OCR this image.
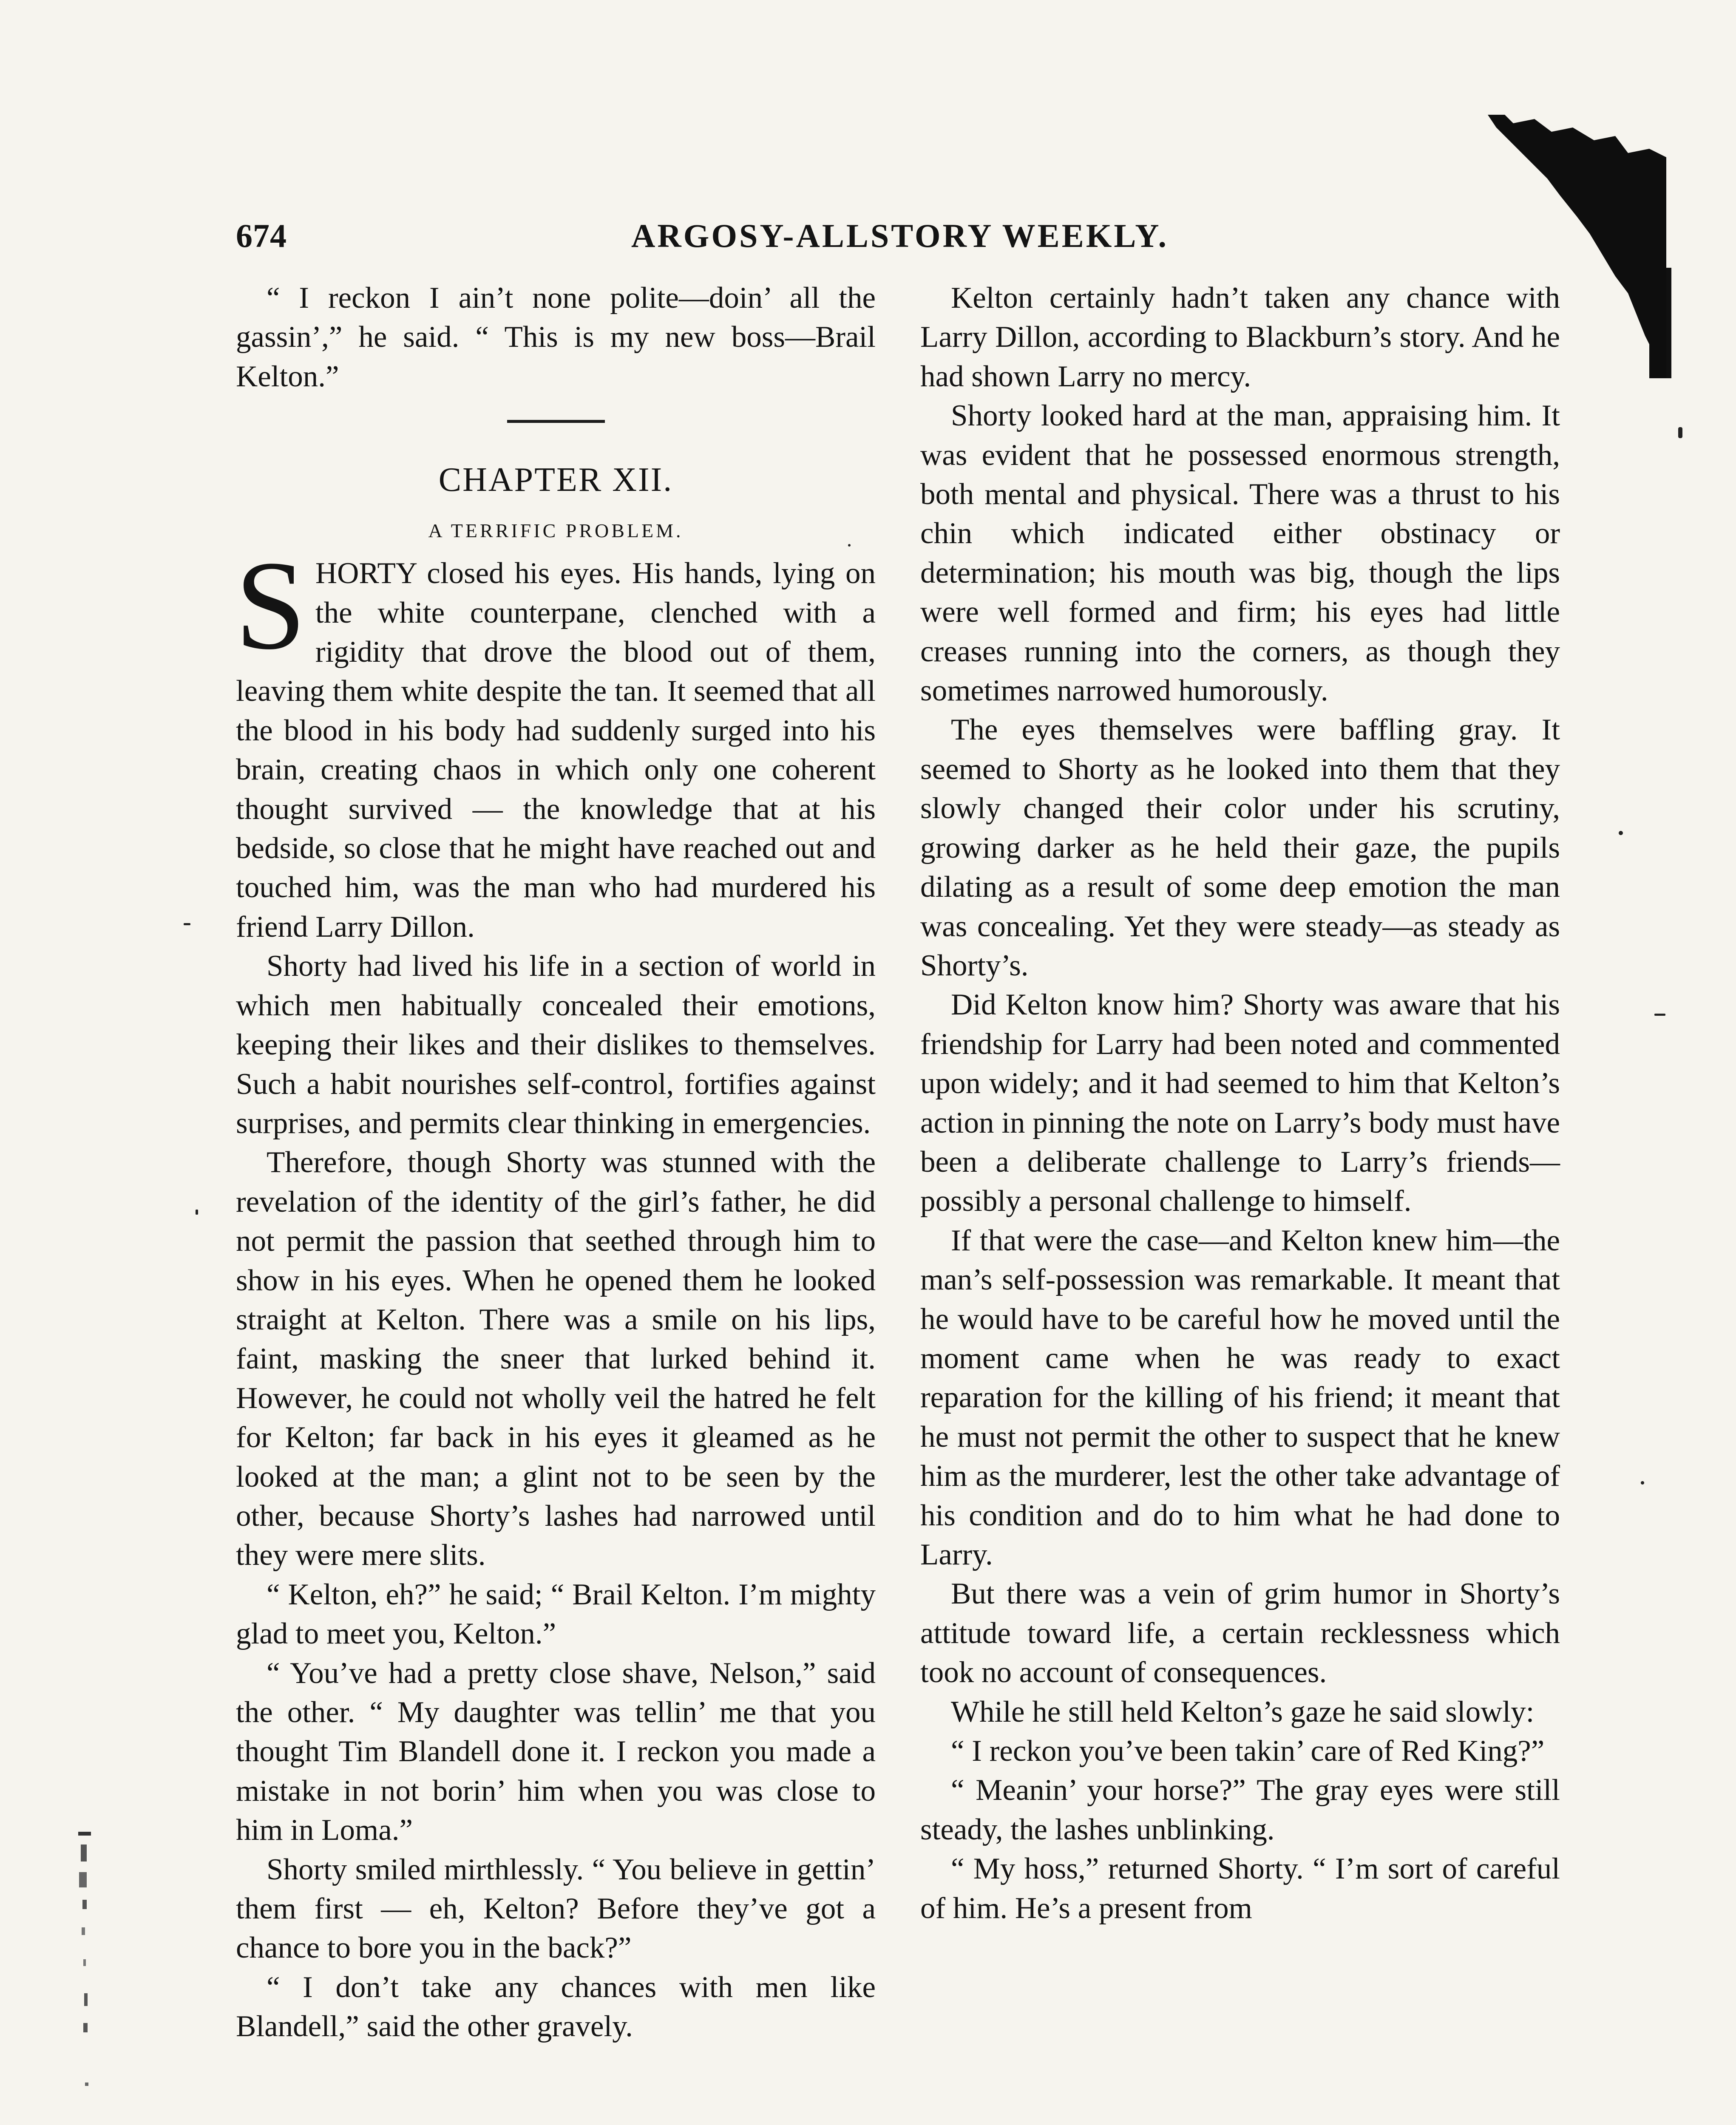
674	ARGOSY-ALLSTORY WEEKLY.

“ I reckon I ain’t none polite—doin’ all the gassin’,” he said. “ This is my new boss—Brail Kelton.”

CHAPTER XII.
A TERRIFIC PROBLEM.

SHORTY closed his eyes. His hands, lying on the white counterpane, clenched with a rigidity that drove the blood out of them, leaving them white despite the tan. It seemed that all the blood in his body had suddenly surged into his brain, creating chaos in which only one coherent thought survived — the knowledge that at his bedside, so close that he might have reached out and touched him, was the man who had murdered his friend Larry Dillon.

Shorty had lived his life in a section of world in which men habitually concealed their emotions, keeping their likes and their dislikes to themselves. Such a habit nourishes self-control, fortifies against surprises, and permits clear thinking in emergencies.

Therefore, though Shorty was stunned with the revelation of the identity of the girl’s father, he did not permit the passion that seethed through him to show in his eyes. When he opened them he looked straight at Kelton. There was a smile on his lips, faint, masking the sneer that lurked behind it. However, he could not wholly veil the hatred he felt for Kelton; far back in his eyes it gleamed as he looked at the man; a glint not to be seen by the other, because Shorty’s lashes had narrowed until they were mere slits.

“ Kelton, eh?” he said; “ Brail Kelton. I’m mighty glad to meet you, Kelton.”

“ You’ve had a pretty close shave, Nelson,” said the other. “ My daughter was tellin’ me that you thought Tim Blandell done it. I reckon you made a mistake in not borin’ him when you was close to him in Loma.”

Shorty smiled mirthlessly. “ You believe in gettin’ them first — eh, Kelton? Before they’ve got a chance to bore you in the back?”

“ I don’t take any chances with men like Blandell,” said the other gravely.

Kelton certainly hadn’t taken any chance with Larry Dillon, according to Blackburn’s story. And he had shown Larry no mercy.

Shorty looked hard at the man, appraising him. It was evident that he possessed enormous strength, both mental and physical. There was a thrust to his chin which indicated either obstinacy or determination; his mouth was big, though the lips were well formed and firm; his eyes had little creases running into the corners, as though they sometimes narrowed humorously.

The eyes themselves were baffling gray. It seemed to Shorty as he looked into them that they slowly changed their color under his scrutiny, growing darker as he held their gaze, the pupils dilating as a result of some deep emotion the man was concealing. Yet they were steady—as steady as Shorty’s.

Did Kelton know him? Shorty was aware that his friendship for Larry had been noted and commented upon widely; and it had seemed to him that Kelton’s action in pinning the note on Larry’s body must have been a deliberate challenge to Larry’s friends—possibly a personal challenge to himself.

If that were the case—and Kelton knew him—the man’s self-possession was remarkable. It meant that he would have to be careful how he moved until the moment came when he was ready to exact reparation for the killing of his friend; it meant that he must not permit the other to suspect that he knew him as the murderer, lest the other take advantage of his condition and do to him what he had done to Larry.

But there was a vein of grim humor in Shorty’s attitude toward life, a certain recklessness which took no account of consequences.

While he still held Kelton’s gaze he said slowly:

“ I reckon you’ve been takin’ care of Red King?”

“ Meanin’ your horse?” The gray eyes were still steady, the lashes unblinking.

“ My hoss,” returned Shorty. “ I’m sort of careful of him. He’s a present from
